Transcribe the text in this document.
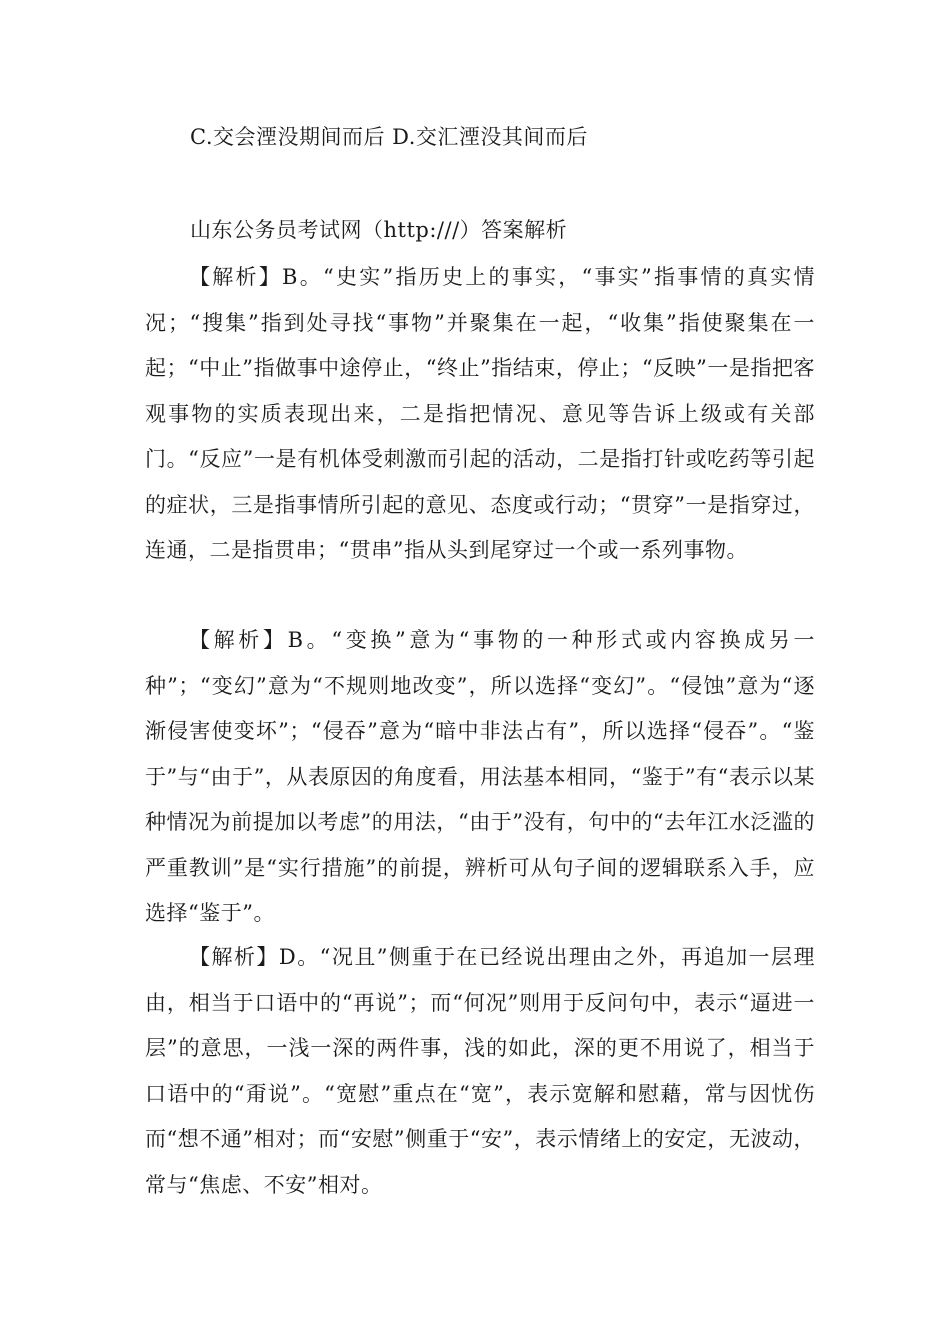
C.交会湮没期间而后 D.交汇湮没其间而后
山东公务员考试网（http:///）答案解析

【解析】B。“史实”指历史上的事实，“事实”指事情的真实情况；“搜集”指到处寻找“事物”并聚集在一起，“收集”指使聚集在一起；“中止”指做事中途停止，“终止”指结束，停止；“反映”一是指把客观事物的实质表现出来，二是指把情况、意见等告诉上级或有关部门。“反应”一是有机体受刺激而引起的活动，二是指打针或吃药等引起的症状，三是指事情所引起的意见、态度或行动；“贯穿”一是指穿过，连通，二是指贯串；“贯串”指从头到尾穿过一个或一系列事物。

【解析】B。“变换”意为“事物的一种形式或内容换成另一种”；“变幻”意为“不规则地改变”，所以选择“变幻”。“侵蚀”意为“逐渐侵害使变坏”；“侵吞”意为“暗中非法占有”，所以选择“侵吞”。“鉴于”与“由于”，从表原因的角度看，用法基本相同，“鉴于”有“表示以某种情况为前提加以考虑”的用法，“由于”没有，句中的“去年江水泛滥的严重教训”是“实行措施”的前提，辨析可从句子间的逻辑联系入手，应选择“鉴于”。

【解析】D。“况且”侧重于在已经说出理由之外，再追加一层理由，相当于口语中的“再说”；而“何况”则用于反问句中，表示“逼进一层”的意思，一浅一深的两件事，浅的如此，深的更不用说了，相当于口语中的“甭说”。“宽慰”重点在“宽”，表示宽解和慰藉，常与因忧伤而“想不通”相对；而“安慰”侧重于“安”，表示情绪上的安定，无波动，常与“焦虑、不安”相对。
